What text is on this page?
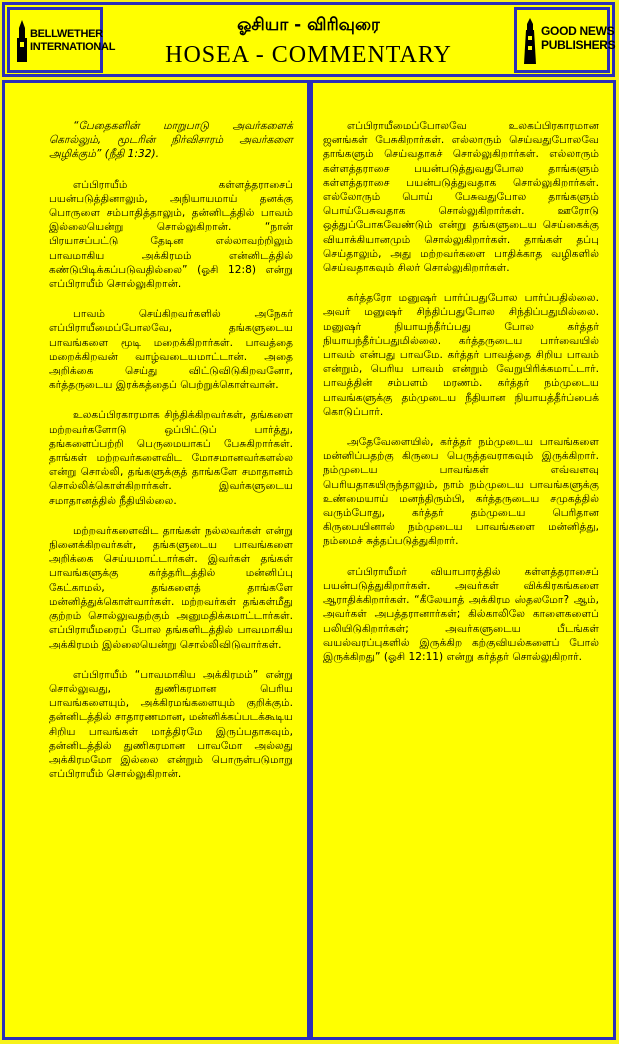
BELLWETHER
INTERNATIONAL
ஓசியா - விரிவுரை
HOSEA - COMMENTARY
GOOD NEWS
PUBLISHERS

“பேதைகளின் மாறுபாடு அவர்களைக் கொல்லும், மூடரின் நிர்விசாரம் அவர்களை அழிக்கும்” (நீதி 1:32).

எப்பிராயீம் கள்ளத்தராசைப் பயன்படுத்தினாலும், அநியாயமாய் தனக்கு பொருளை சம்பாதித்தாலும், தன்னிடத்தில் பாவம் இல்லையென்று சொல்லுகிறான். “நான் பிரயாசப்பட்டு தேடின எல்லாவற்றிலும் பாவமாகிய அக்கிரமம் என்னிடத்தில் கண்டுபிடிக்கப்படுவதில்லை” (ஓசி 12:8) என்று எப்பிராயீம் சொல்லுகிறான்.

பாவம் செய்கிறவர்களில் அநேகர் எப்பிராயீமைப்போலவே, தங்களுடைய பாவங்களை மூடி மறைக்கிறார்கள். பாவத்தை மறைக்கிறவன் வாழ்வடையமாட்டான். அதை அறிக்கை செய்து விட்டுவிடுகிறவனோ, கர்த்தருடைய இரக்கத்தைப் பெற்றுக்கொள்வான்.

உலகப்பிரகாரமாக சிந்திக்கிறவர்கள், தங்களை மற்றவர்களோடு ஒப்பிட்டுப் பார்த்து, தங்களைப்பற்றி பெருமையாகப் பேசுகிறார்கள். தாங்கள் மற்றவர்களைவிட மோசமானவர்களல்ல என்று சொல்லி, தங்களுக்குத் தாங்களே சமாதானம் சொல்லிக்கொள்கிறார்கள். இவர்களுடைய சமாதானத்தில் நீதியில்லை.

மற்றவர்களைவிட தாங்கள் நல்லவர்கள் என்று நினைக்கிறவர்கள், தங்களுடைய பாவங்களை அறிக்கை செய்யமாட்டார்கள். இவர்கள் தங்கள் பாவங்களுக்கு கர்த்தரிடத்தில் மன்னிப்பு கேட்காமல், தங்களைத் தாங்களே மன்னித்துக்கொள்வார்கள். மற்றவர்கள் தங்கள்மீது குற்றம் சொல்லுவதற்கும் அனுமதிக்கமாட்டார்கள். எப்பிராயீமரைப் போல தங்களிடத்தில் பாவமாகிய அக்கிரமம் இல்லையென்று சொல்லிவிடுவார்கள்.

எப்பிராயீம் “பாவமாகிய அக்கிரமம்” என்று சொல்லுவது, துணிகரமான பெரிய பாவங்களையும், அக்கிரமங்களையும் குறிக்கும். தன்னிடத்தில் சாதாரணமான, மன்னிக்கப்படக்கூடிய சிறிய பாவங்கள் மாத்திரமே இருப்பதாகவும், தன்னிடத்தில் துணிகரமான பாவமோ அல்லது அக்கிரமமோ இல்லை என்றும் பொருள்படுமாறு எப்பிராயீம் சொல்லுகிறான்.

எப்பிராயீமைப்போலவே உலகப்பிரகாரமான ஜனங்கள் பேசுகிறார்கள். எல்லாரும் செய்வதுபோலவே தாங்களும் செய்வதாகச் சொல்லுகிறார்கள். எல்லாரும் கள்ளத்தராசை பயன்படுத்துவதுபோல தாங்களும் கள்ளத்தராசை பயன்படுத்துவதாக சொல்லுகிறார்கள். எல்லோரும் பொய் பேசுவதுபோல தாங்களும் பொய்பேசுவதாக சொல்லுகிறார்கள். ஊரோடு ஒத்துப்போகவேண்டும் என்று தங்களுடைய செய்கைக்கு வியாக்கியானமும் சொல்லுகிறார்கள். தாங்கள் தப்பு செய்தாலும், அது மற்றவர்களை பாதிக்காத வழிகளில் செய்வதாகவும் சிலர் சொல்லுகிறார்கள்.

கர்த்தரோ மனுஷர் பார்ப்பதுபோல பார்ப்பதில்லை. அவர் மனுஷர் சிந்திப்பதுபோல சிந்திப்பதுமில்லை. மனுஷர் நியாயந்தீர்ப்பது போல கர்த்தர் நியாயந்தீர்ப்பதுமில்லை. கர்த்தருடைய பார்வையில் பாவம் என்பது பாவமே. கர்த்தர் பாவத்தை சிறிய பாவம் என்றும், பெரிய பாவம் என்றும் வேறுபிரிக்கமாட்டார். பாவத்தின் சம்பளம் மரணம். கர்த்தர் நம்முடைய பாவங்களுக்கு தம்முடைய நீதியான நியாயத்தீர்ப்பைக் கொடுப்பார்.

அதேவேளையில், கர்த்தர் நம்முடைய பாவங்களை மன்னிப்பதற்கு கிருபை பெருத்தவராகவும் இருக்கிறார். நம்முடைய பாவங்கள் எவ்வளவு பெரியதாகயிருந்தாலும், நாம் நம்முடைய பாவங்களுக்கு உண்மையாய் மனந்திரும்பி, கர்த்தருடைய சமுகத்தில் வரும்போது, கர்த்தர் தம்முடைய பெரிதான கிருபையினால் நம்முடைய பாவங்களை மன்னித்து, நம்மைச் சுத்தப்படுத்துகிறார்.

எப்பிராயீமர் வியாபாரத்தில் கள்ளத்தராசைப் பயன்படுத்துகிறார்கள். அவர்கள் விக்கிரகங்களை ஆராதிக்கிறார்கள். “கீலேயாத் அக்கிரம ஸ்தலமோ? ஆம், அவர்கள் அபத்தரானார்கள்; கில்காலிலே காளைகளைப் பலியிடுகிறார்கள்; அவர்களுடைய பீடங்கள் வயல்வரப்புகளில் இருக்கிற கற்குவியல்களைப் போல் இருக்கிறது” (ஓசி 12:11) என்று கர்த்தர் சொல்லுகிறார்.
